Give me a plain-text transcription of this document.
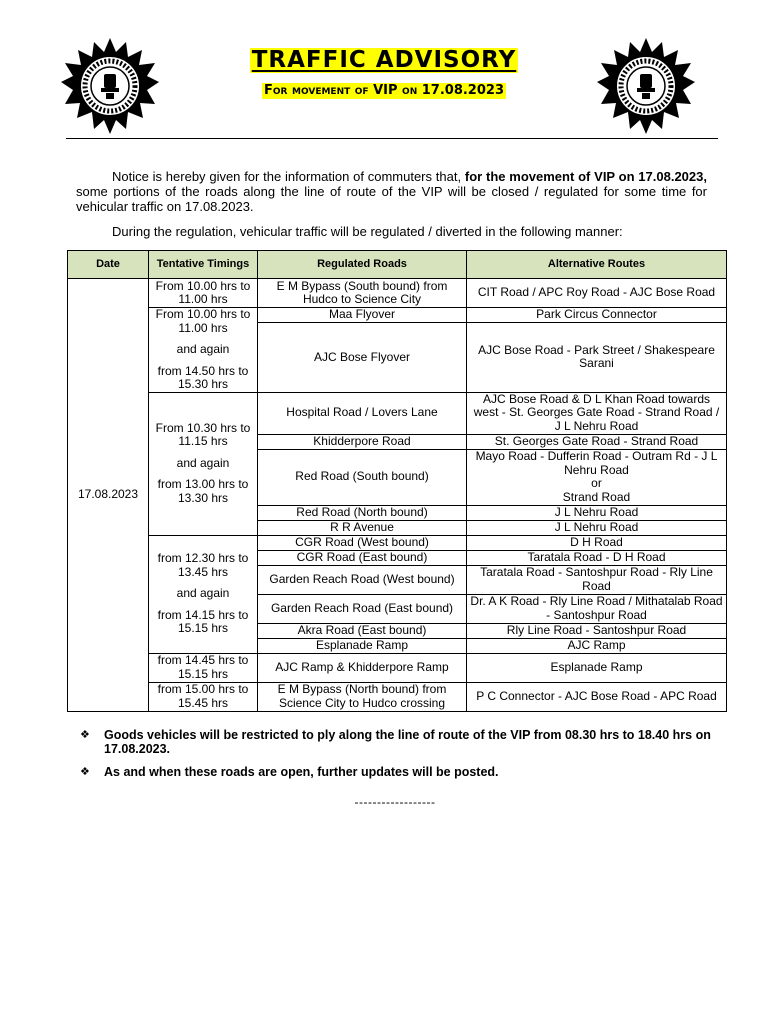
TRAFFIC ADVISORY
For movement of VIP on 17.08.2023
Notice is hereby given for the information of commuters that, for the movement of VIP on 17.08.2023, some portions of the roads along the line of route of the VIP will be closed / regulated for some time for vehicular traffic on 17.08.2023.
During the regulation, vehicular traffic will be regulated / diverted in the following manner:
Date	Tentative Timings	Regulated Roads	Alternative Routes
17.08.2023	From 10.00 hrs to 11.00 hrs	E M Bypass (South bound) from Hudco to Science City	CIT Road / APC Roy Road - AJC Bose Road

	From 10.00 hrs to 11.00 hrs
and again
from 14.50 hrs to 15.30 hrs	Maa Flyover	Park Circus Connector
		AJC Bose Flyover	AJC Bose Road - Park Street / Shakespeare Sarani

	From 10.30 hrs to 11.15 hrs
and again
from 13.00 hrs to 13.30 hrs	Hospital Road / Lovers Lane	AJC Bose Road & D L Khan Road towards west - St. Georges Gate Road - Strand Road / J L Nehru Road
		Khidderpore Road	St. Georges Gate Road - Strand Road
		Red Road (South bound)	Mayo Road - Dufferin Road - Outram Rd - J L Nehru Road
or
Strand Road

		Red Road (North bound)	J L Nehru Road
		R R Avenue	J L Nehru Road

	from 12.30 hrs to 13.45 hrs
and again
from 14.15 hrs to 15.15 hrs	CGR Road (West bound)	D H Road
		CGR Road (East bound)	Taratala Road - D H Road
		Garden Reach Road (West bound)	Taratala Road - Santoshpur Road - Rly Line Road
		Garden Reach Road (East bound)	Dr. A K Road - Rly Line Road / Mithatalab Road - Santoshpur Road
		Akra Road (East bound)	Rly Line Road - Santoshpur Road
		Esplanade Ramp	AJC Ramp
	from 14.45 hrs to 15.15 hrs	AJC Ramp & Khidderpore Ramp	Esplanade Ramp
	from 15.00 hrs to 15.45 hrs	E M Bypass (North bound) from Science City to Hudco crossing	P C Connector - AJC Bose Road - APC Road
❖ Goods vehicles will be restricted to ply along the line of route of the VIP from 08.30 hrs to 18.40 hrs on 17.08.2023.
❖ As and when these roads are open, further updates will be posted.
------------------
